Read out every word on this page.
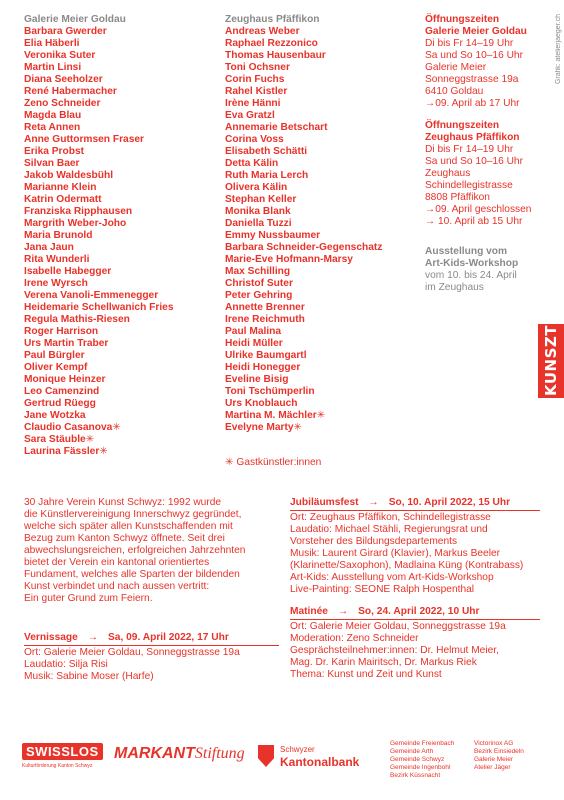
Galerie Meier Goldau
Barbara Gwerder
Elia Häberli
Veronika Suter
Martin Linsi
Diana Seeholzer
René Habermacher
Zeno Schneider
Magda Blau
Reta Annen
Anne Guttormsen Fraser
Erika Probst
Silvan Baer
Jakob Waldesbühl
Marianne Klein
Katrin Odermatt
Franziska Ripphausen
Margrith Weber-Joho
Maria Brunold
Jana Jaun
Rita Wunderli
Isabelle Habegger
Irene Wyrsch
Verena Vanoli-Emmenegger
Heidemarie Schellwanich Fries
Regula Mathis-Riesen
Roger Harrison
Urs Martin Traber
Paul Bürgler
Oliver Kempf
Monique Heinzer
Leo Camenzind
Gertrud Rüegg
Jane Wotzka
Claudio Casanova✳
Sara Stäuble✳
Laurina Fässler✳
Zeughaus Pfäffikon
Andreas Weber
Raphael Rezzonico
Thomas Hausenbaur
Toni Ochsner
Corin Fuchs
Rahel Kistler
Irène Hänni
Eva Gratzl
Annemarie Betschart
Corina Voss
Elisabeth Schätti
Detta Kälin
Ruth Maria Lerch
Olivera Kälin
Stephan Keller
Monika Blank
Daniella Tuzzi
Emmy Nussbaumer
Barbara Schneider-Gegenschatz
Marie-Eve Hofmann-Marsy
Max Schilling
Christof Suter
Peter Gehring
Annette Brenner
Irene Reichmuth
Paul Malina
Heidi Müller
Ulrike Baumgartl
Heidi Honegger
Eveline Bisig
Toni Tschümperlin
Urs Knoblauch
Martina M. Mächler✳
Evelyne Marty✳
✳ Gastkünstler:innen
Öffnungszeiten
Galerie Meier Goldau
Di bis Fr 14–19 Uhr
Sa und So 10–16 Uhr
Galerie Meier
Sonneggstrasse 19a
6410 Goldau
→09. April ab 17 Uhr
Öffnungszeiten
Zeughaus Pfäffikon
Di bis Fr 14–19 Uhr
Sa und So 10–16 Uhr
Zeughaus
Schindellegistrasse
8808 Pfäffikon
→09. April geschlossen
→ 10. April ab 15 Uhr
Ausstellung vom
Art-Kids-Workshop
vom 10. bis 24. April
im Zeughaus
Grafik: atelierjaeger.ch
KUNSZT
30 Jahre Verein Kunst Schwyz: 1992 wurde
die Künstlervereinigung Innerschwyz gegründet,
welche sich später allen Kunstschaffenden mit
Bezug zum Kanton Schwyz öffnete. Seit drei
abwechslungsreichen, erfolgreichen Jahrzehnten
bietet der Verein ein kantonal orientiertes
Fundament, welches alle Sparten der bildenden
Kunst verbindet und nach aussen vertritt:
Ein guter Grund zum Feiern.
Vernissage → Sa, 09. April 2022, 17 Uhr
Ort: Galerie Meier Goldau, Sonneggstrasse 19a
Laudatio: Silja Risi
Musik: Sabine Moser (Harfe)
Jubiläumsfest → So, 10. April 2022, 15 Uhr
Ort: Zeughaus Pfäffikon, Schindellegistrasse
Laudatio: Michael Stähli, Regierungsrat und
Vorsteher des Bildungsdepartements
Musik: Laurent Girard (Klavier), Markus Beeler
(Klarinette/Saxophon), Madlaina Küng (Kontrabass)
Art-Kids: Ausstellung vom Art-Kids-Workshop
Live-Painting: SEONE Ralph Hospenthal
Matinée → So, 24. April 2022, 10 Uhr
Ort: Galerie Meier Goldau, Sonneggstrasse 19a
Moderation: Zeno Schneider
Gesprächsteilnehmer:innen: Dr. Helmut Meier,
Mag. Dr. Karin Mairitsch, Dr. Markus Riek
Thema: Kunst und Zeit und Kunst
SWISSLOS
Kulturförderung Kanton Schwyz
MARKANTStiftung	Schwyzer
Kantonalbank
Gemeinde Freienbach
Gemeinde Arth
Gemeinde Schwyz
Gemeinde Ingenbohl
Bezirk Küssnacht
Victorinox AG
Bezirk Einsiedeln
Galerie Meier
Atelier Jäger
